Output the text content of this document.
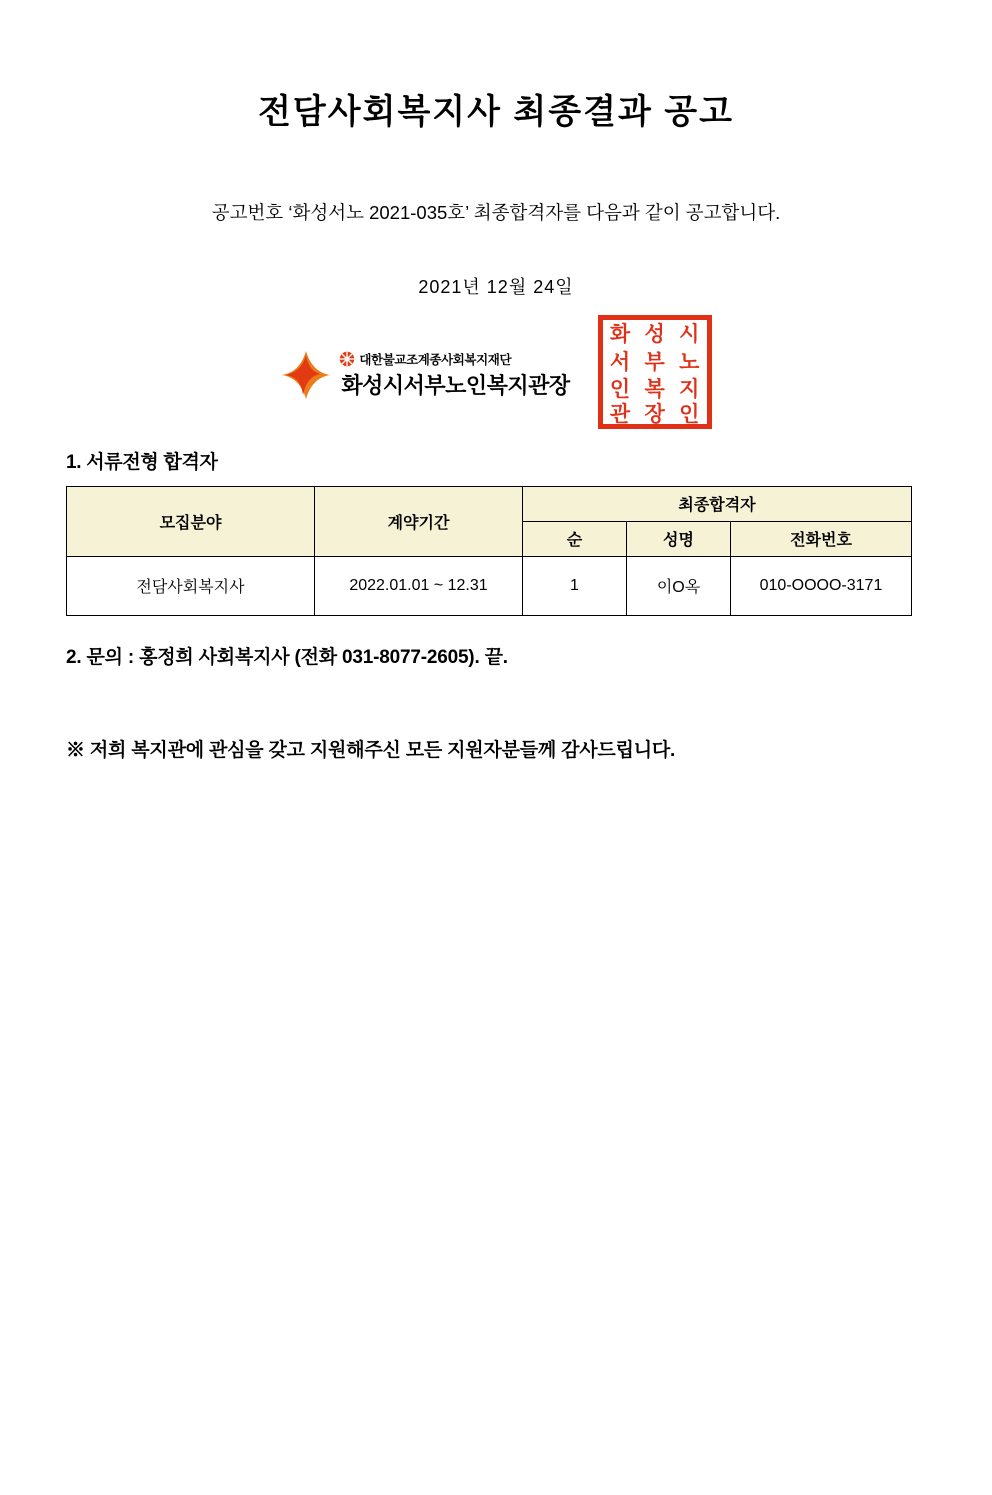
전담사회복지사 최종결과 공고
공고번호 ‘화성서노 2021-035호’ 최종합격자를 다음과 같이 공고합니다.
2021년 12월 24일
대한불교조계종사회복지재단
화성시서부노인복지관장
화 성 시
서 부 노
인 복 지
관 장 인
1. 서류전형 합격자
모집분야	계약기간	최종합격자		
		순	성명	전화번호
전담사회복지사	2022.01.01 ~ 12.31	1	이O옥	010-OOOO-3171
2. 문의 : 홍정희 사회복지사 (전화 031-8077-2605). 끝.
※ 저희 복지관에 관심을 갖고 지원해주신 모든 지원자분들께 감사드립니다.
